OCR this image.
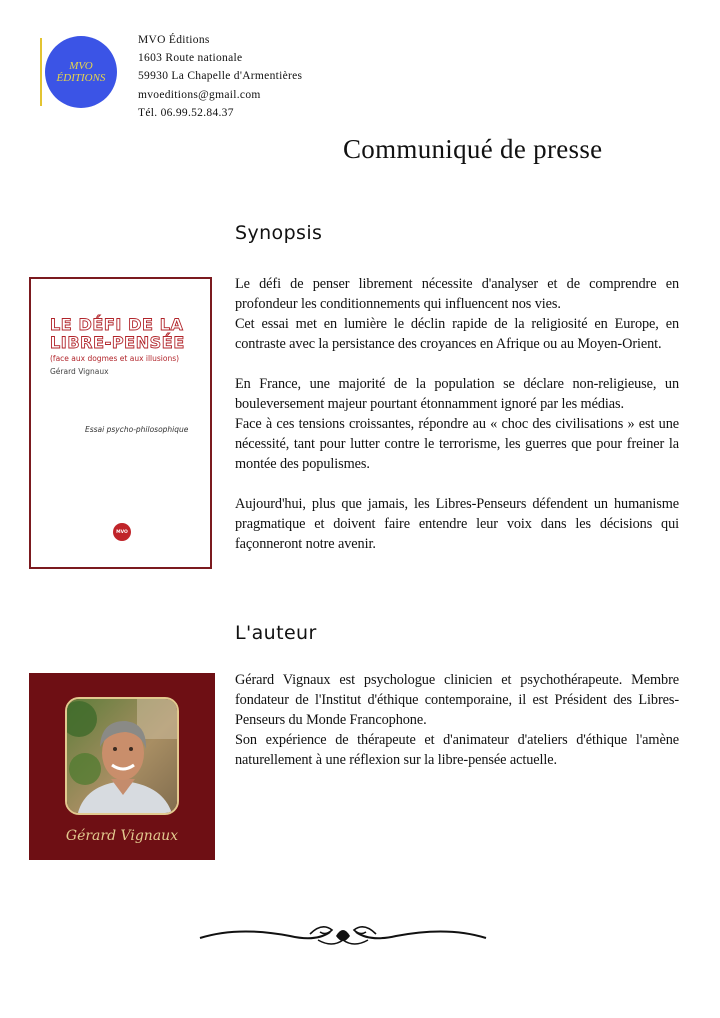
MVO
ÉDITIONS
MVO Éditions
1603 Route nationale
59930 La Chapelle d'Armentières
mvoeditions@gmail.com
Tél. 06.99.52.84.37
Communiqué de presse
Synopsis
LE DÉFI DE LA
LIBRE-PENSÉE
(face aux dogmes et aux illusions)
Gérard Vignaux
Essai psycho-philosophique
MVO

Le défi de penser librement nécessite d'analyser et de comprendre en profondeur les conditionnements qui influencent nos vies.

Cet essai met en lumière le déclin rapide de la religiosité en Europe, en contraste avec la persistance des croyances en Afrique ou au Moyen-Orient.

En France, une majorité de la population se déclare non-religieuse, un bouleversement majeur pourtant étonnamment ignoré par les médias.

Face à ces tensions croissantes, répondre au « choc des civilisations » est une nécessité, tant pour lutter contre le terrorisme, les guerres que pour freiner la montée des populismes.

Aujourd'hui, plus que jamais, les Libres-Penseurs défendent un humanisme pragmatique et doivent faire entendre leur voix dans les décisions qui façonneront notre avenir.

L'auteur
Gérard Vignaux

Gérard Vignaux est psychologue clinicien et psychothérapeute. Membre fondateur de l'Institut d'éthique contemporaine, il est Président des Libres-Penseurs du Monde Francophone.

Son expérience de thérapeute et d'animateur d'ateliers d'éthique l'amène naturellement à une réflexion sur la libre-pensée actuelle.
